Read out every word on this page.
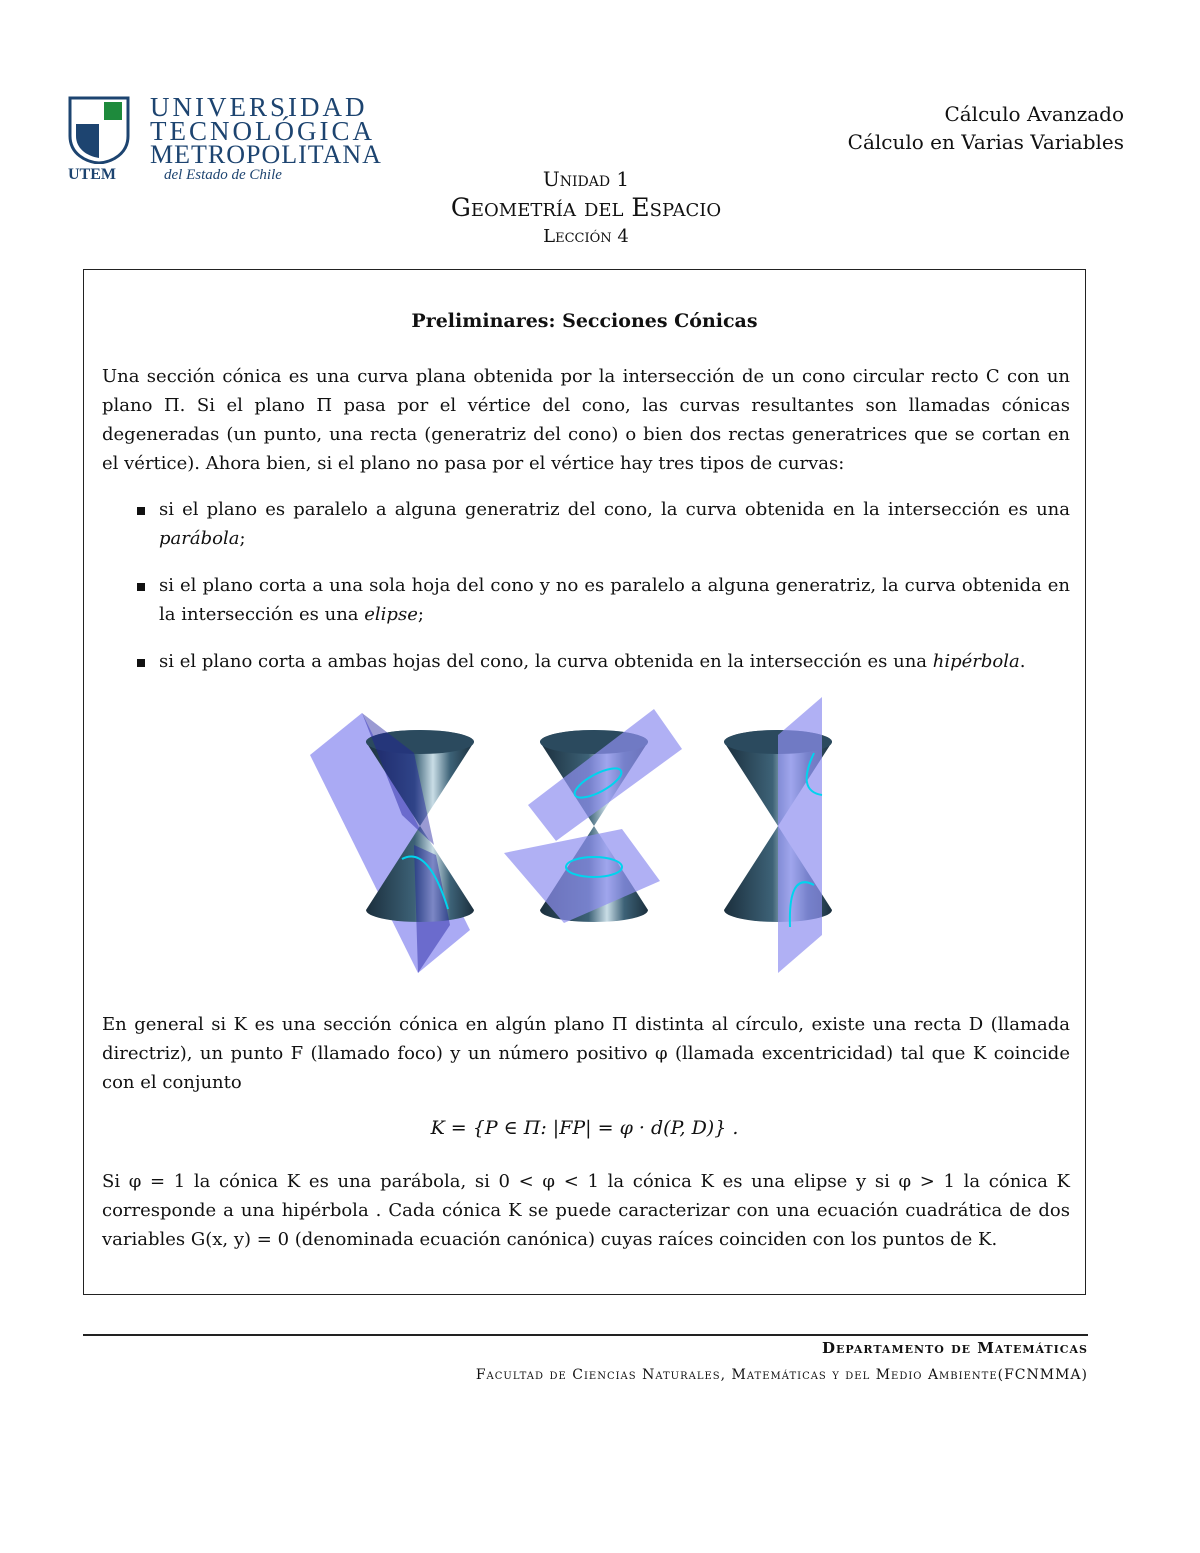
UNIVERSIDAD
TECNOLÓGICA
METROPOLITANA
UTEM	del Estado de Chile
Cálculo Avanzado
Cálculo en Varias Variables
Unidad 1
Geometría del Espacio
Lección 4
Preliminares: Secciones Cónicas

Una sección cónica es una curva plana obtenida por la intersección de un cono circular recto C con un plano Π. Si el plano Π pasa por el vértice del cono, las curvas resultantes son llamadas cónicas degeneradas (un punto, una recta (generatriz del cono) o bien dos rectas generatrices que se cortan en el vértice). Ahora bien, si el plano no pasa por el vértice hay tres tipos de curvas:

si el plano es paralelo a alguna generatriz del cono, la curva obtenida en la intersección es una parábola;
si el plano corta a una sola hoja del cono y no es paralelo a alguna generatriz, la curva obtenida en la intersección es una elipse;
si el plano corta a ambas hojas del cono, la curva obtenida en la intersección es una hipérbola.

En general si K es una sección cónica en algún plano Π distinta al círculo, existe una recta D (llamada directriz), un punto F (llamado foco) y un número positivo φ (llamada excentricidad) tal que K coincide con el conjunto

K = {P ∈ Π: |FP| = φ · d(P, D)} .

Si φ = 1 la cónica K es una parábola, si 0 < φ < 1 la cónica K es una elipse y si φ > 1 la cónica K corresponde a una hipérbola . Cada cónica K se puede caracterizar con una ecuación cuadrática de dos variables G(x, y) = 0 (denominada ecuación canónica) cuyas raíces coinciden con los puntos de K.

Departamento de Matemáticas
Facultad de Ciencias Naturales, Matemáticas y del Medio Ambiente(FCNMMA)
